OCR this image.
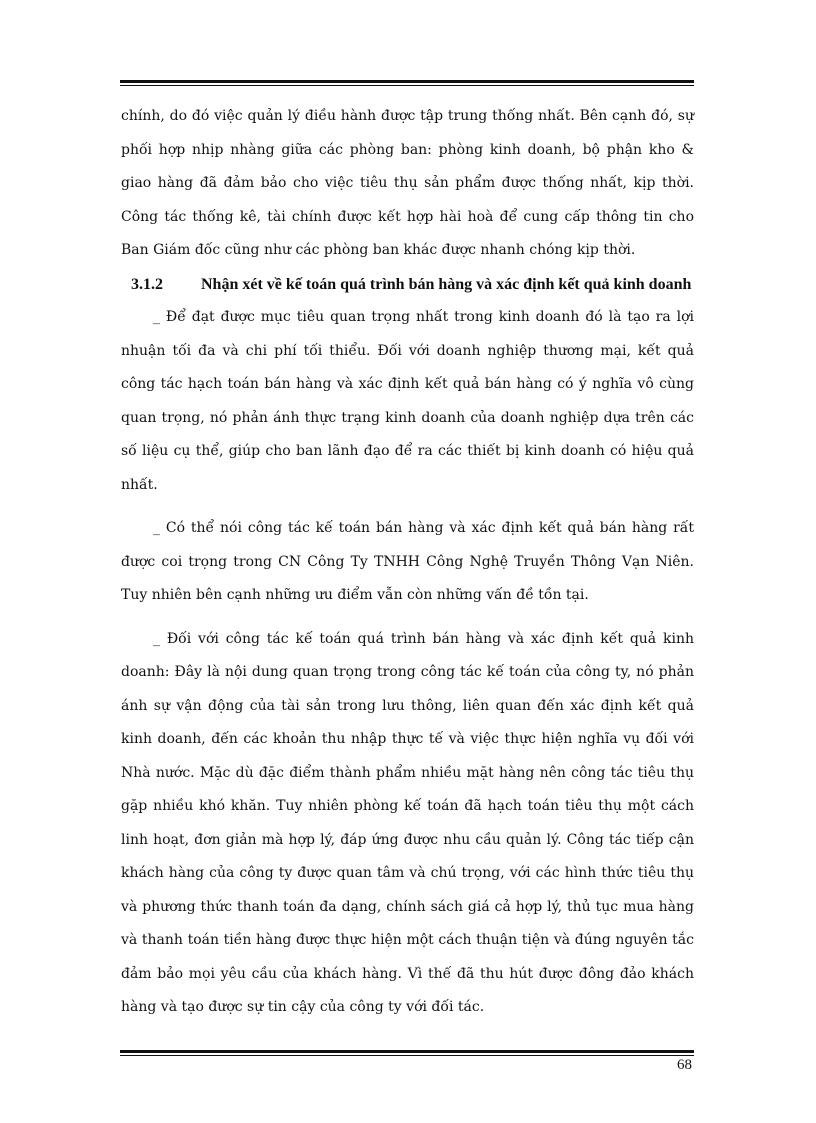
chính, do đó việc quản lý điều hành được tập trung thống nhất. Bên cạnh đó, sự phối hợp nhịp nhàng giữa các phòng ban: phòng kinh doanh, bộ phận kho & giao hàng đã đảm bảo cho việc tiêu thụ sản phẩm được thống nhất, kịp thời. Công tác thống kê, tài chính được kết hợp hài hoà để cung cấp thông tin cho Ban Giám đốc cũng như các phòng ban khác được nhanh chóng kịp thời.

3.1.2 Nhận xét về kế toán quá trình bán hàng và xác định kết quả kinh doanh

_ Để đạt được mục tiêu quan trọng nhất trong kinh doanh đó là tạo ra lợi nhuận tối đa và chi phí tối thiểu. Đối với doanh nghiệp thương mại, kết quả công tác hạch toán bán hàng và xác định kết quả bán hàng có ý nghĩa vô cùng quan trọng, nó phản ánh thực trạng kinh doanh của doanh nghiệp dựa trên các số liệu cụ thể, giúp cho ban lãnh đạo để ra các thiết bị kinh doanh có hiệu quả nhất.

_ Có thể nói công tác kế toán bán hàng và xác định kết quả bán hàng rất được coi trọng trong CN Công Ty TNHH Công Nghệ Truyền Thông Vạn Niên. Tuy nhiên bên cạnh những ưu điểm vẫn còn những vấn đề tồn tại.

_ Đối với công tác kế toán quá trình bán hàng và xác định kết quả kinh doanh: Đây là nội dung quan trọng trong công tác kế toán của công ty, nó phản ánh sự vận động của tài sản trong lưu thông, liên quan đến xác định kết quả kinh doanh, đến các khoản thu nhập thực tế và việc thực hiện nghĩa vụ đối với Nhà nước. Mặc dù đặc điểm thành phẩm nhiều mặt hàng nên công tác tiêu thụ gặp nhiều khó khăn. Tuy nhiên phòng kế toán đã hạch toán tiêu thụ một cách linh hoạt, đơn giản mà hợp lý, đáp ứng được nhu cầu quản lý. Công tác tiếp cận khách hàng của công ty được quan tâm và chú trọng, với các hình thức tiêu thụ và phương thức thanh toán đa dạng, chính sách giá cả hợp lý, thủ tục mua hàng và thanh toán tiền hàng được thực hiện một cách thuận tiện và đúng nguyên tắc đảm bảo mọi yêu cầu của khách hàng. Vì thế đã thu hút được đông đảo khách hàng và tạo được sự tin cậy của công ty với đối tác.

68
